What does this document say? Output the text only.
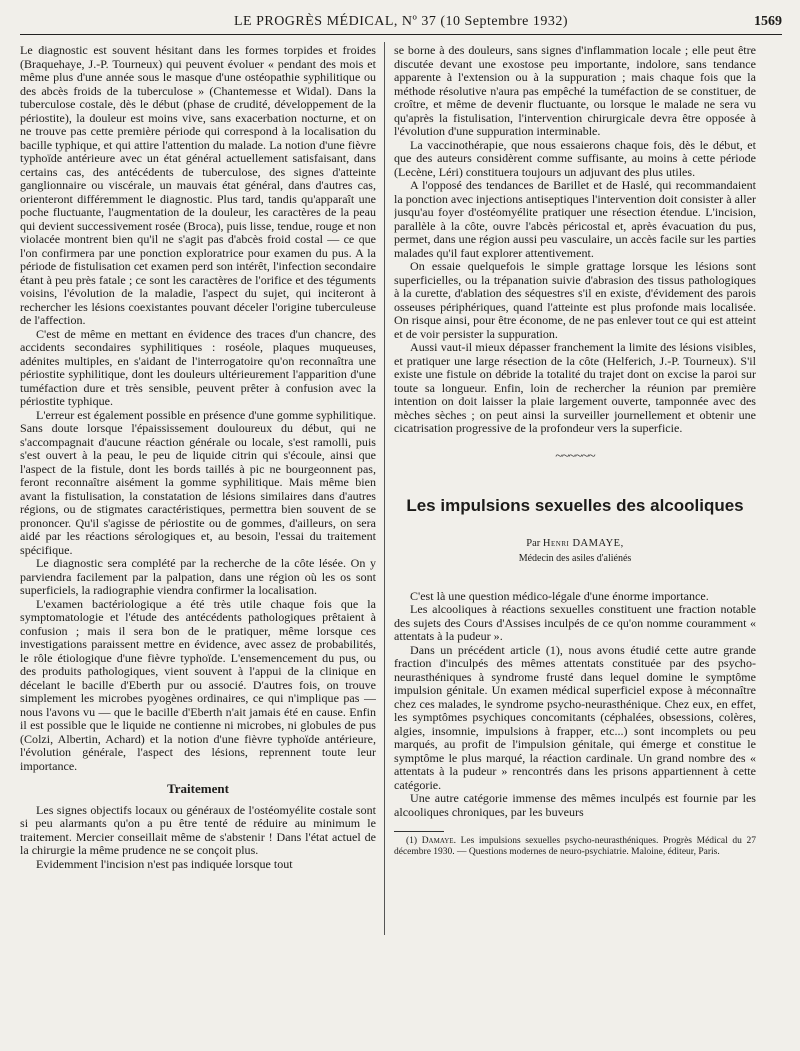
LE PROGRÈS MÉDICAL, Nº 37 (10 Septembre 1932)	1569

Le diagnostic est souvent hésitant dans les formes torpides et froides (Braquehaye, J.-P. Tourneux) qui peuvent évoluer « pendant des mois et même plus d'une année sous le masque d'une ostéopathie syphilitique ou des abcès froids de la tuberculose » (Chantemesse et Widal). Dans la tuberculose costale, dès le début (phase de crudité, développement de la périostite), la douleur est moins vive, sans exacerbation nocturne, et on ne trouve pas cette première période qui correspond à la localisation du bacille typhique, et qui attire l'attention du malade. La notion d'une fièvre typhoïde antérieure avec un état général actuellement satisfaisant, dans certains cas, des antécédents de tuberculose, des signes d'atteinte ganglionnaire ou viscérale, un mauvais état général, dans d'autres cas, orienteront différemment le diagnostic. Plus tard, tandis qu'apparaît une poche fluctuante, l'augmentation de la douleur, les caractères de la peau qui devient successivement rosée (Broca), puis lisse, tendue, rouge et non violacée montrent bien qu'il ne s'agit pas d'abcès froid costal — ce que l'on confirmera par une ponction exploratrice pour examen du pus. A la période de fistulisation cet examen perd son intérêt, l'infection secondaire étant à peu près fatale ; ce sont les caractères de l'orifice et des téguments voisins, l'évolution de la maladie, l'aspect du sujet, qui inciteront à rechercher les lésions coexistantes pouvant déceler l'origine tuberculeuse de l'affection.

C'est de même en mettant en évidence des traces d'un chancre, des accidents secondaires syphilitiques : roséole, plaques muqueuses, adénites multiples, en s'aidant de l'interrogatoire qu'on reconnaîtra une périostite syphilitique, dont les douleurs ultérieurement l'apparition d'une tuméfaction dure et très sensible, peuvent prêter à confusion avec la périostite typhique.

L'erreur est également possible en présence d'une gomme syphilitique. Sans doute lorsque l'épaississement douloureux du début, qui ne s'accompagnait d'aucune réaction générale ou locale, s'est ramolli, puis s'est ouvert à la peau, le peu de liquide citrin qui s'écoule, ainsi que l'aspect de la fistule, dont les bords taillés à pic ne bourgeonnent pas, feront reconnaître aisément la gomme syphilitique. Mais même bien avant la fistulisation, la constatation de lésions similaires dans d'autres régions, ou de stigmates caractéristiques, permettra bien souvent de se prononcer. Qu'il s'agisse de périostite ou de gommes, d'ailleurs, on sera aidé par les réactions sérologiques et, au besoin, l'essai du traitement spécifique.

Le diagnostic sera complété par la recherche de la côte lésée. On y parviendra facilement par la palpation, dans une région où les os sont superficiels, la radiographie viendra confirmer la localisation.

L'examen bactériologique a été très utile chaque fois que la symptomatologie et l'étude des antécédents pathologiques prêtaient à confusion ; mais il sera bon de le pratiquer, même lorsque ces investigations paraissent mettre en évidence, avec assez de probabilités, le rôle étiologique d'une fièvre typhoïde. L'ensemencement du pus, ou des produits pathologiques, vient souvent à l'appui de la clinique en décelant le bacille d'Eberth pur ou associé. D'autres fois, on trouve simplement les microbes pyogènes ordinaires, ce qui n'implique pas — nous l'avons vu — que le bacille d'Eberth n'ait jamais été en cause. Enfin il est possible que le liquide ne contienne ni microbes, ni globules de pus (Colzi, Albertin, Achard) et la notion d'une fièvre typhoïde antérieure, l'évolution générale, l'aspect des lésions, reprennent toute leur importance.

Traitement

Les signes objectifs locaux ou généraux de l'ostéomyélite costale sont si peu alarmants qu'on a pu être tenté de réduire au minimum le traitement. Mercier conseillait même de s'abstenir ! Dans l'état actuel de la chirurgie la même prudence ne se conçoit plus.

Evidemment l'incision n'est pas indiquée lorsque tout

se borne à des douleurs, sans signes d'inflammation locale ; elle peut être discutée devant une exostose peu importante, indolore, sans tendance apparente à l'extension ou à la suppuration ; mais chaque fois que la méthode résolutive n'aura pas empêché la tuméfaction de se constituer, de croître, et même de devenir fluctuante, ou lorsque le malade ne sera vu qu'après la fistulisation, l'intervention chirurgicale devra être opposée à l'évolution d'une suppuration interminable.

La vaccinothérapie, que nous essaierons chaque fois, dès le début, et que des auteurs considèrent comme suffisante, au moins à cette période (Lecène, Léri) constituera toujours un adjuvant des plus utiles.

A l'opposé des tendances de Barillet et de Haslé, qui recommandaient la ponction avec injections antiseptiques l'intervention doit consister à aller jusqu'au foyer d'ostéomyélite pratiquer une résection étendue. L'incision, parallèle à la côte, ouvre l'abcès péricostal et, après évacuation du pus, permet, dans une région aussi peu vasculaire, un accès facile sur les parties malades qu'il faut explorer attentivement.

On essaie quelquefois le simple grattage lorsque les lésions sont superficielles, ou la trépanation suivie d'abrasion des tissus pathologiques à la curette, d'ablation des séquestres s'il en existe, d'évidement des parois osseuses périphériques, quand l'atteinte est plus profonde mais localisée. On risque ainsi, pour être économe, de ne pas enlever tout ce qui est atteint et de voir persister la suppuration.

Aussi vaut-il mieux dépasser franchement la limite des lésions visibles, et pratiquer une large résection de la côte (Helferich, J.-P. Tourneux). S'il existe une fistule on débride la totalité du trajet dont on excise la paroi sur toute sa longueur. Enfin, loin de rechercher la réunion par première intention on doit laisser la plaie largement ouverte, tamponnée avec des mèches sèches ; on peut ainsi la surveiller journellement et obtenir une cicatrisation progressive de la profondeur vers la superficie.

~~~~~~

Les impulsions sexuelles des alcooliques

Par Henri DAMAYE,

Médecin des asiles d'aliénés

C'est là une question médico-légale d'une énorme importance.

Les alcooliques à réactions sexuelles constituent une fraction notable des sujets des Cours d'Assises inculpés de ce qu'on nomme couramment « attentats à la pudeur ».

Dans un précédent article (1), nous avons étudié cette autre grande fraction d'inculpés des mêmes attentats constituée par des psycho-neurasthéniques à syndrome frusté dans lequel domine le symptôme impulsion génitale. Un examen médical superficiel expose à méconnaître chez ces malades, le syndrome psycho-neurasthénique. Chez eux, en effet, les symptômes psychiques concomitants (céphalées, obsessions, colères, algies, insomnie, impulsions à frapper, etc...) sont incomplets ou peu marqués, au profit de l'impulsion génitale, qui émerge et constitue le symptôme le plus marqué, la réaction cardinale. Un grand nombre des « attentats à la pudeur » rencontrés dans les prisons appartiennent à cette catégorie.

Une autre catégorie immense des mêmes inculpés est fournie par les alcooliques chroniques, par les buveurs

(1) Damaye. Les impulsions sexuelles psycho-neurasthéniques. Progrès Médical du 27 décembre 1930. — Questions modernes de neuro-psychiatrie. Maloine, éditeur, Paris.
